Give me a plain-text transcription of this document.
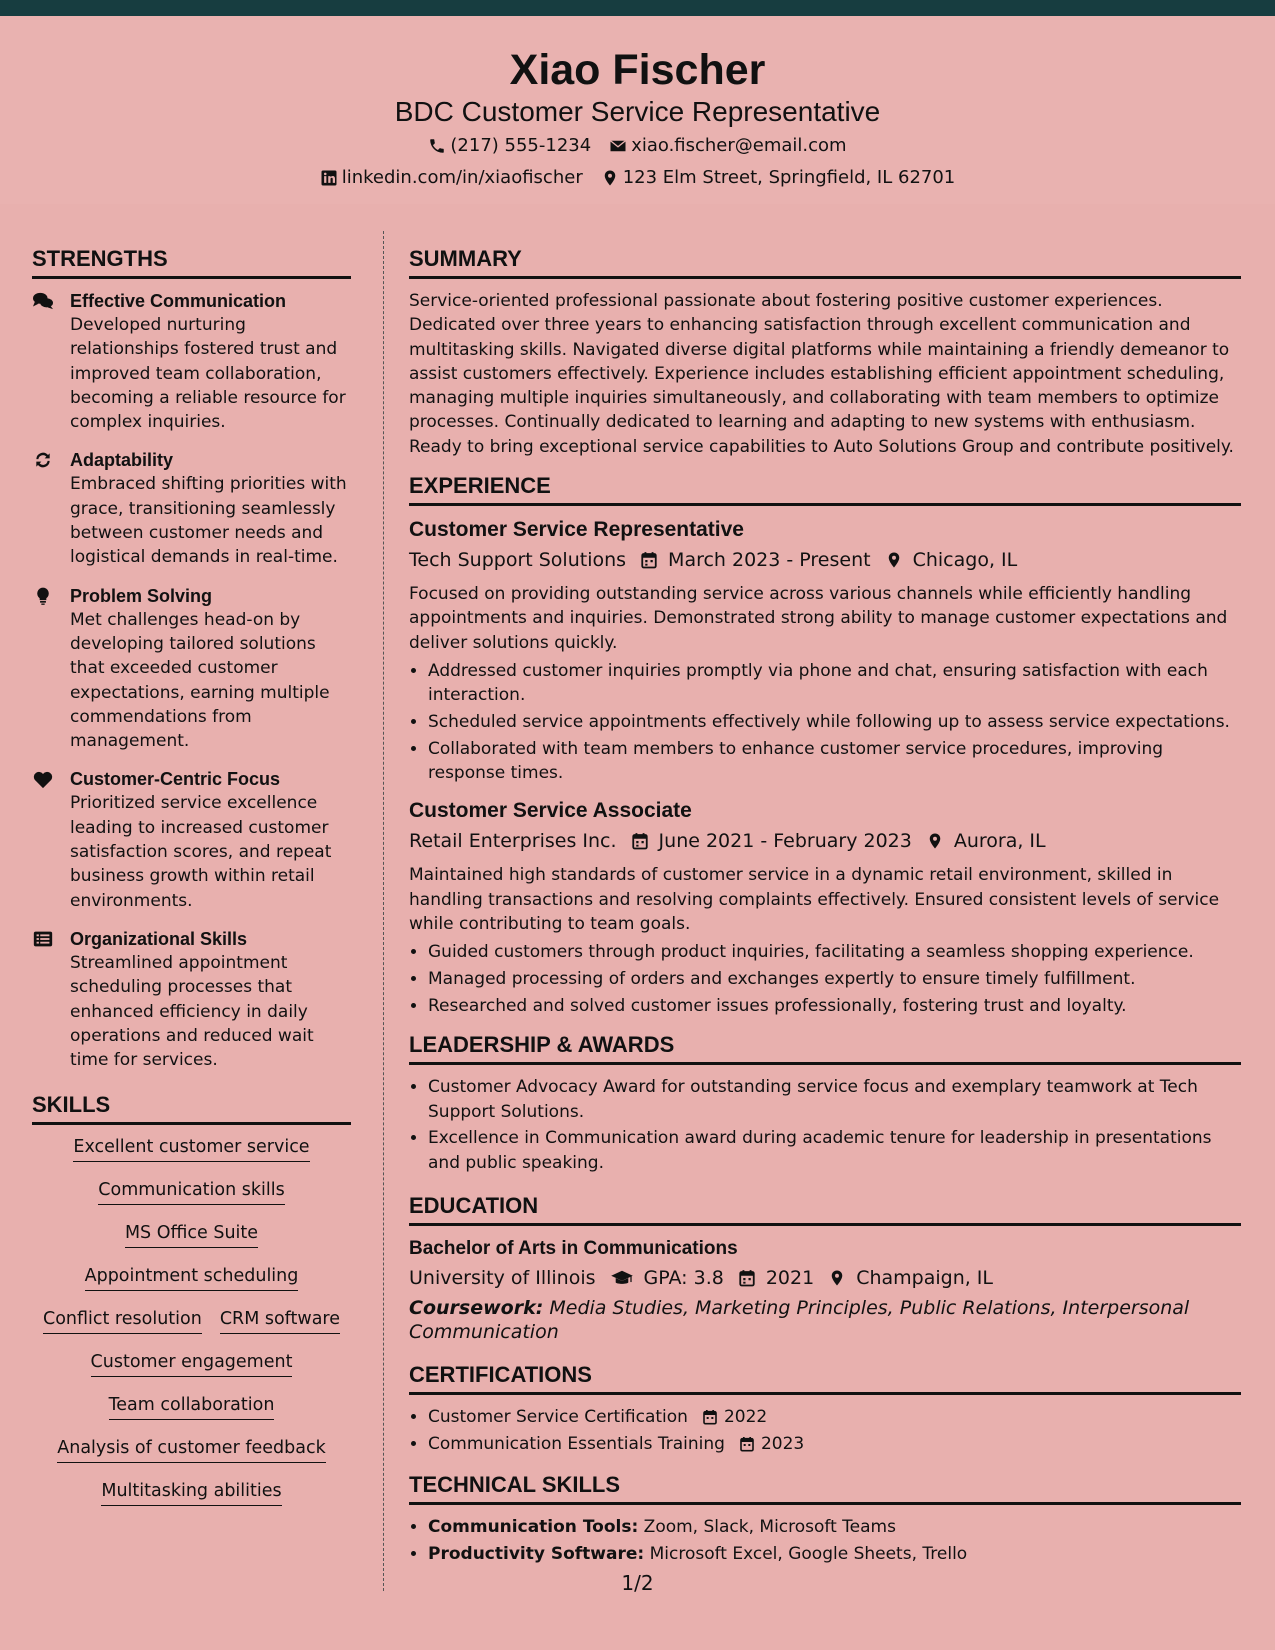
Xiao Fischer
BDC Customer Service Representative
(217) 555-1234 xiao.fischer@email.com
linkedin.com/in/xiaofischer 123 Elm Street, Springfield, IL 62701
STRENGTHS
Effective Communication
Developed nurturing relationships fostered trust and improved team collaboration, becoming a reliable resource for complex inquiries.
Adaptability
Embraced shifting priorities with grace, transitioning seamlessly between customer needs and logistical demands in real-time.
Problem Solving
Met challenges head-on by developing tailored solutions that exceeded customer expectations, earning multiple commendations from management.
Customer-Centric Focus
Prioritized service excellence leading to increased customer satisfaction scores, and repeat business growth within retail environments.
Organizational Skills
Streamlined appointment scheduling processes that enhanced efficiency in daily operations and reduced wait time for services.
SKILLS
Excellent customer service
Communication skills
MS Office Suite
Appointment scheduling
Conflict resolution CRM software
Customer engagement
Team collaboration
Analysis of customer feedback
Multitasking abilities
SUMMARY

Service-oriented professional passionate about fostering positive customer experiences. Dedicated over three years to enhancing satisfaction through excellent communication and multitasking skills. Navigated diverse digital platforms while maintaining a friendly demeanor to assist customers effectively. Experience includes establishing efficient appointment scheduling, managing multiple inquiries simultaneously, and collaborating with team members to optimize processes. Continually dedicated to learning and adapting to new systems with enthusiasm. Ready to bring exceptional service capabilities to Auto Solutions Group and contribute positively.

EXPERIENCE
Customer Service Representative
Tech Support Solutions March 2023 - Present Chicago, IL

Focused on providing outstanding service across various channels while efficiently handling appointments and inquiries. Demonstrated strong ability to manage customer expectations and deliver solutions quickly.

• Addressed customer inquiries promptly via phone and chat, ensuring satisfaction with each interaction.
• Scheduled service appointments effectively while following up to assess service expectations.
• Collaborated with team members to enhance customer service procedures, improving response times.
Customer Service Associate
Retail Enterprises Inc. June 2021 - February 2023 Aurora, IL

Maintained high standards of customer service in a dynamic retail environment, skilled in handling transactions and resolving complaints effectively. Ensured consistent levels of service while contributing to team goals.

• Guided customers through product inquiries, facilitating a seamless shopping experience.
• Managed processing of orders and exchanges expertly to ensure timely fulfillment.
• Researched and solved customer issues professionally, fostering trust and loyalty.
LEADERSHIP & AWARDS
• Customer Advocacy Award for outstanding service focus and exemplary teamwork at Tech Support Solutions.
• Excellence in Communication award during academic tenure for leadership in presentations and public speaking.
EDUCATION
Bachelor of Arts in Communications
University of Illinois	GPA: 3.8 2021 Champaign, IL
Coursework: Media Studies, Marketing Principles, Public Relations, Interpersonal Communication
CERTIFICATIONS
• Customer Service Certification 2022
• Communication Essentials Training 2023
TECHNICAL SKILLS
• Communication Tools: Zoom, Slack, Microsoft Teams
• Productivity Software: Microsoft Excel, Google Sheets, Trello
1/2
